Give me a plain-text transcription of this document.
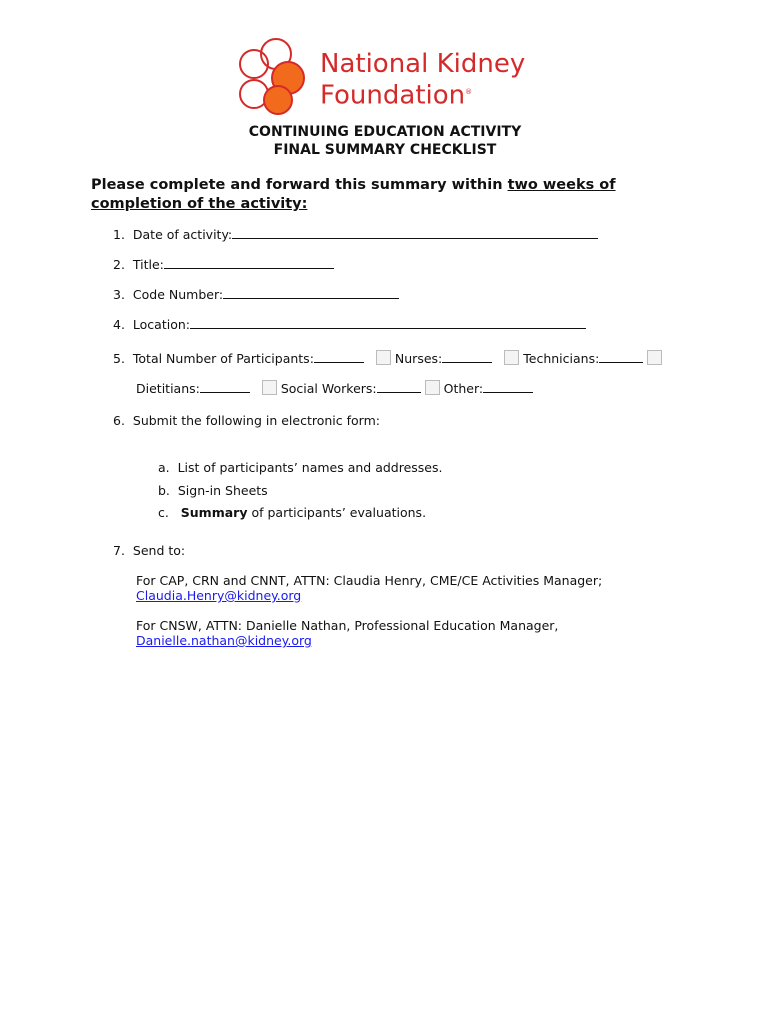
National Kidney
Foundation®
CONTINUING EDUCATION ACTIVITY
FINAL SUMMARY CHECKLIST
Please complete and forward this summary within two weeks of
completion of the activity:
1. Date of activity:
2. Title:
3. Code Number:
4. Location:
5. Total Number of Participants:	Nurses:	Technicians:
Dietitians:	Social Workers:	Other:
6. Submit the following in electronic form:
a. List of participants’ names and addresses.
b. Sign-in Sheets
c. Summary of participants’ evaluations.
7. Send to:
For CAP, CRN and CNNT, ATTN: Claudia Henry, CME/CE Activities Manager;
Claudia.Henry@kidney.org
For CNSW, ATTN: Danielle Nathan, Professional Education Manager,
Danielle.nathan@kidney.org
